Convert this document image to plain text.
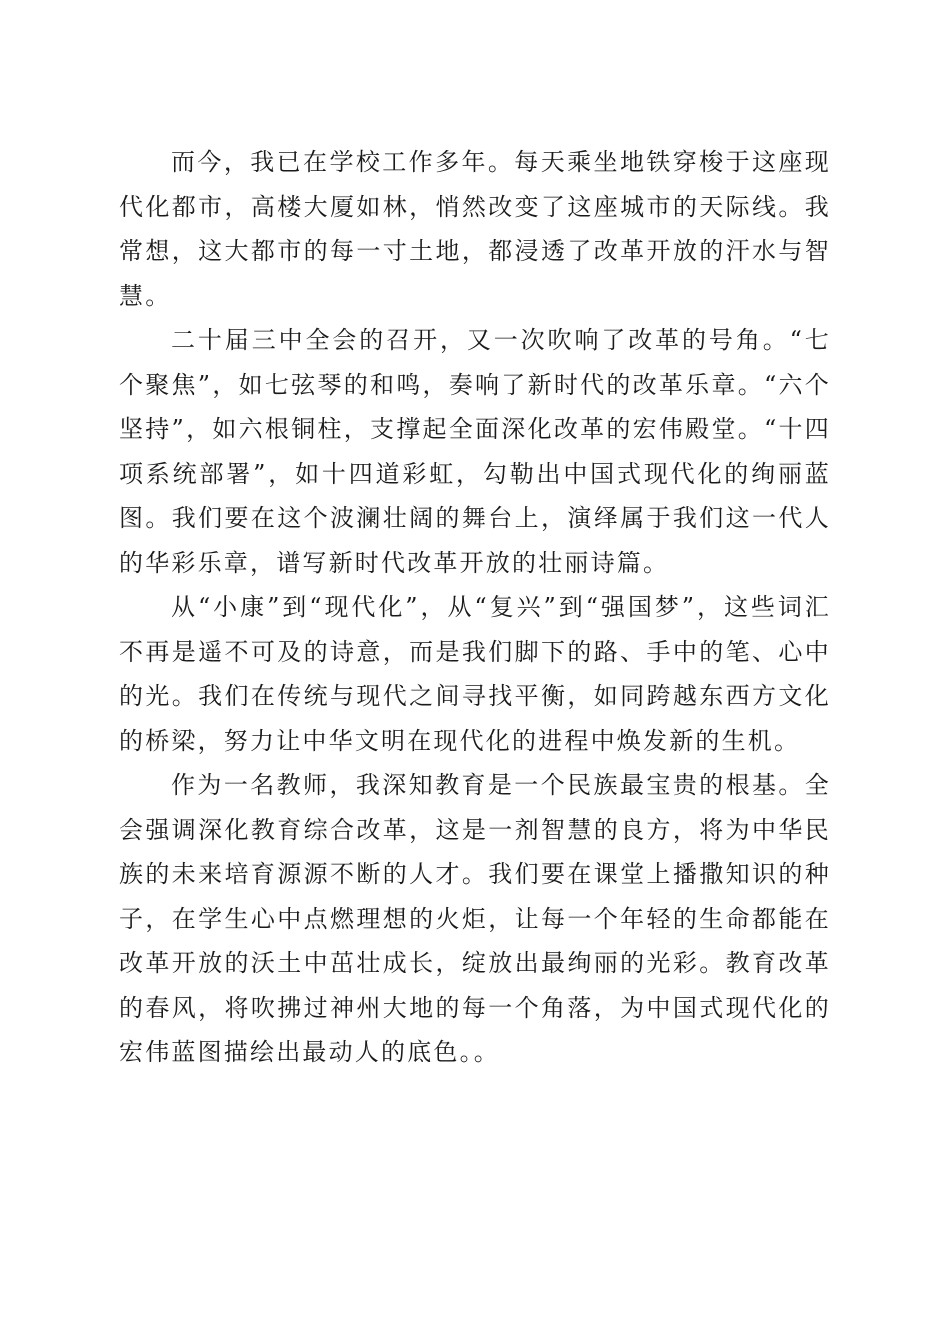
而今，我已在学校工作多年。每天乘坐地铁穿梭于这座现代化都市，高楼大厦如林，悄然改变了这座城市的天际线。我常想，这大都市的每一寸土地，都浸透了改革开放的汗水与智慧。

二十届三中全会的召开，又一次吹响了改革的号角。“七个聚焦”，如七弦琴的和鸣，奏响了新时代的改革乐章。“六个坚持”，如六根铜柱，支撑起全面深化改革的宏伟殿堂。“十四项系统部署”，如十四道彩虹，勾勒出中国式现代化的绚丽蓝图。我们要在这个波澜壮阔的舞台上，演绎属于我们这一代人的华彩乐章，谱写新时代改革开放的壮丽诗篇。

从“小康”到“现代化”，从“复兴”到“强国梦”，这些词汇不再是遥不可及的诗意，而是我们脚下的路、手中的笔、心中的光。我们在传统与现代之间寻找平衡，如同跨越东西方文化的桥梁，努力让中华文明在现代化的进程中焕发新的生机。

作为一名教师，我深知教育是一个民族最宝贵的根基。全会强调深化教育综合改革，这是一剂智慧的良方，将为中华民族的未来培育源源不断的人才。我们要在课堂上播撒知识的种子，在学生心中点燃理想的火炬，让每一个年轻的生命都能在改革开放的沃土中茁壮成长，绽放出最绚丽的光彩。教育改革的春风，将吹拂过神州大地的每一个角落，为中国式现代化的宏伟蓝图描绘出最动人的底色。。
